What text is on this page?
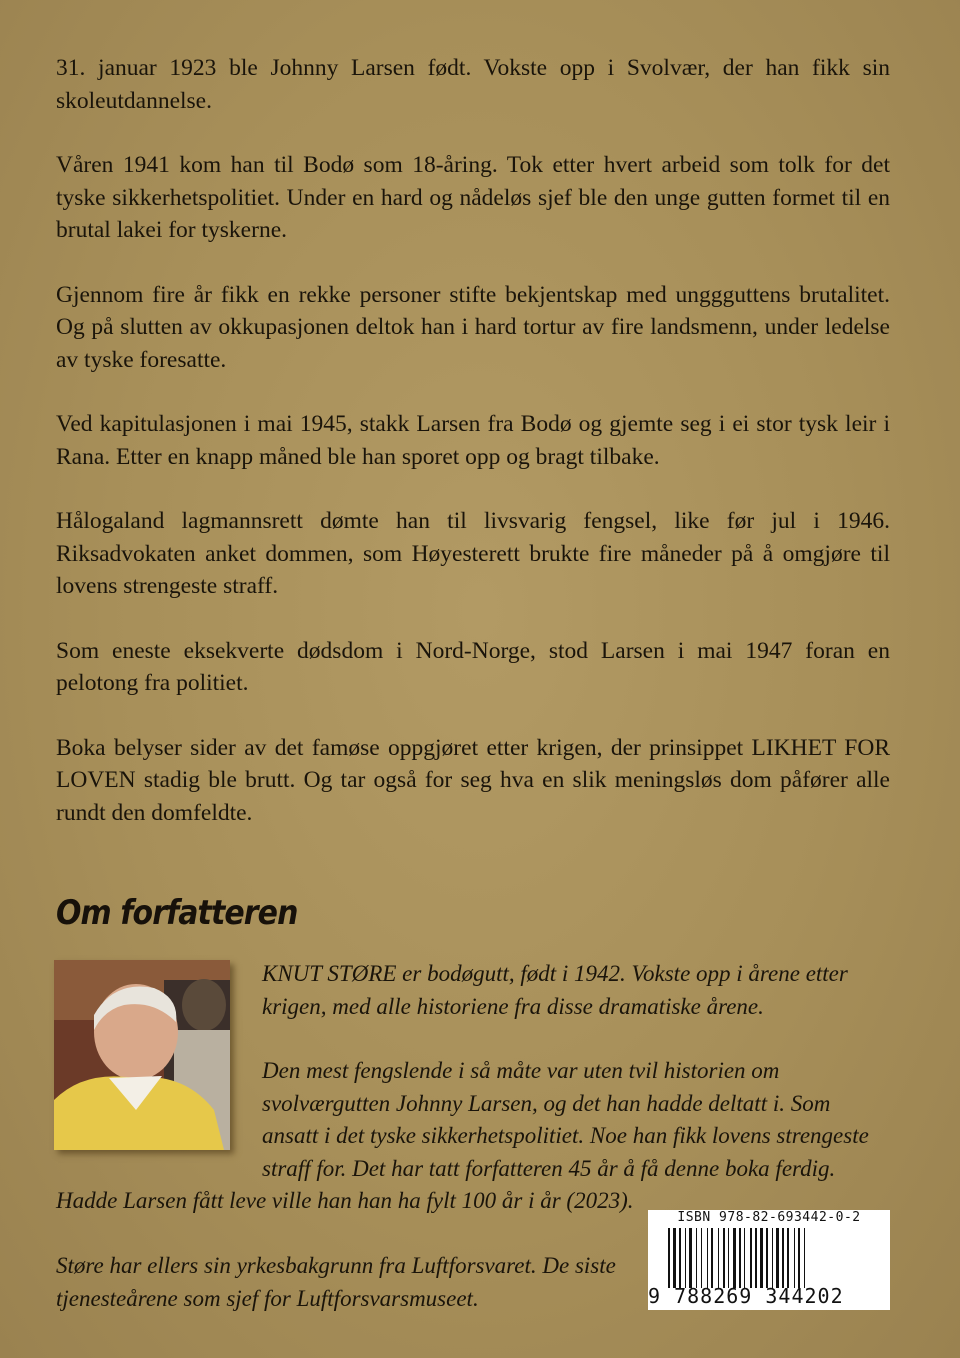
31. januar 1923 ble Johnny Larsen født. Vokste opp i Svolvær, der han fikk sin skoleutdannelse.

Våren 1941 kom han til Bodø som 18-åring. Tok etter hvert arbeid som tolk for det tyske sikkerhetspolitiet. Under en hard og nådeløs sjef ble den unge gutten formet til en brutal lakei for tyskerne.

Gjennom fire år fikk en rekke personer stifte bekjentskap med unggguttens brutalitet. Og på slutten av okkupasjonen deltok han i hard tortur av fire landsmenn, under ledelse av tyske foresatte.

Ved kapitulasjonen i mai 1945, stakk Larsen fra Bodø og gjemte seg i ei stor tysk leir i Rana. Etter en knapp måned ble han sporet opp og bragt tilbake.

Hålogaland lagmannsrett dømte han til livsvarig fengsel, like før jul i 1946. Riksadvokaten anket dommen, som Høyesterett brukte fire måneder på å omgjøre til lovens strengeste straff.

Som eneste eksekverte dødsdom i Nord-Norge, stod Larsen i mai 1947 foran en pelotong fra politiet.

Boka belyser sider av det famøse oppgjøret etter krigen, der prinsippet LIKHET FOR LOVEN stadig ble brutt. Og tar også for seg hva en slik meningsløs dom påfører alle rundt den domfeldte.

Om forfatteren

KNUT STØRE er bodøgutt, født i 1942. Vokste opp i årene etter krigen, med alle historiene fra disse dramatiske årene.

Den mest fengslende i så måte var uten tvil historien om svolværgutten Johnny Larsen, og det han hadde deltatt i. Som ansatt i det tyske sikkerhetspolitiet. Noe han fikk lovens strengeste straff for. Det har tatt forfatteren 45 år å få denne boka ferdig.

Hadde Larsen fått leve ville han han ha fylt 100 år i år (2023).

Støre har ellers sin yrkesbakgrunn fra Luftforsvaret. De siste tjenesteårene som sjef for Luftforsvarsmuseet.

ISBN 978-82-693442-0-2
9 788269 344202
